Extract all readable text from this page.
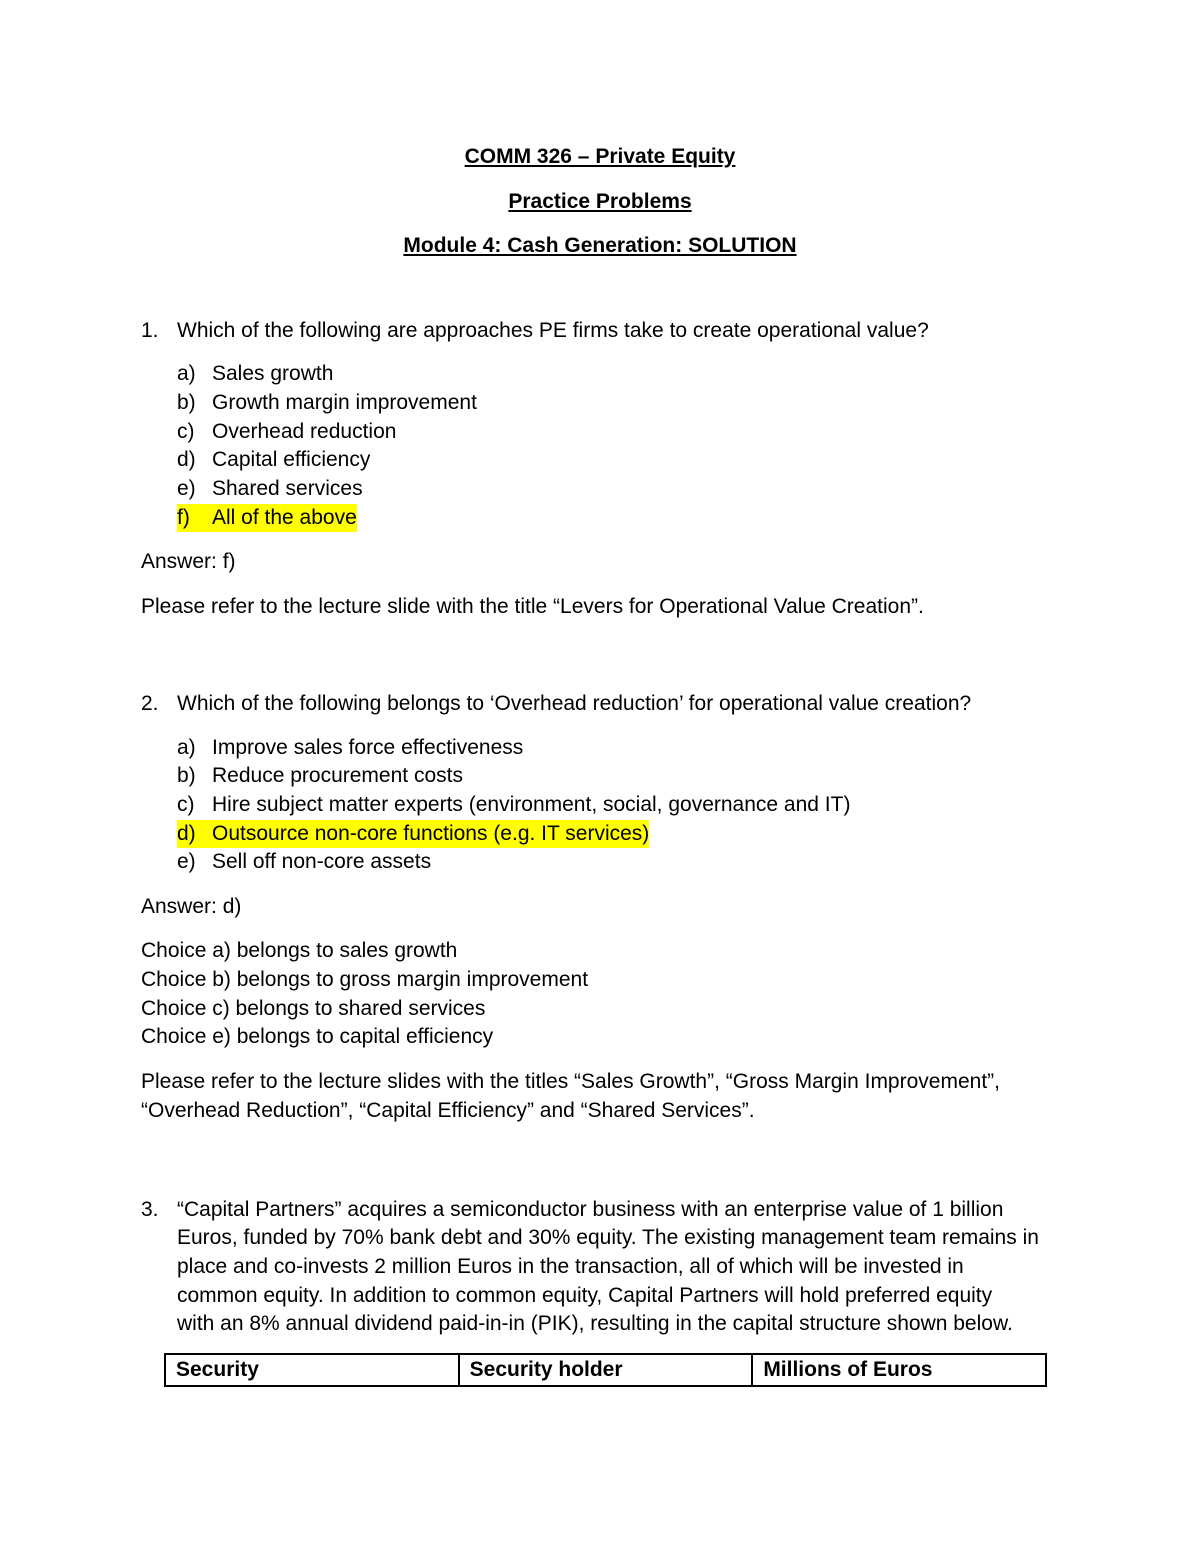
COMM 326 – Private Equity
Practice Problems
Module 4: Cash Generation: SOLUTION
1. Which of the following are approaches PE firms take to create operational value?
a) Sales growth
b) Growth margin improvement
c) Overhead reduction
d) Capital efficiency
e) Shared services
f)	All of the above
Answer: f)
Please refer to the lecture slide with the title “Levers for Operational Value Creation”.
2. Which of the following belongs to ‘Overhead reduction’ for operational value creation?
a) Improve sales force effectiveness
b) Reduce procurement costs
c) Hire subject matter experts (environment, social, governance and IT)
d) Outsource non-core functions (e.g. IT services)
e) Sell off non-core assets
Answer: d)
Choice a) belongs to sales growth
Choice b) belongs to gross margin improvement
Choice c) belongs to shared services
Choice e) belongs to capital efficiency
Please refer to the lecture slides with the titles “Sales Growth”, “Gross Margin Improvement”,
“Overhead Reduction”, “Capital Efficiency” and “Shared Services”.
3. “Capital Partners” acquires a semiconductor business with an enterprise value of 1 billion
Euros, funded by 70% bank debt and 30% equity. The existing management team remains in
place and co-invests 2 million Euros in the transaction, all of which will be invested in
common equity. In addition to common equity, Capital Partners will hold preferred equity
with an 8% annual dividend paid-in-in (PIK), resulting in the capital structure shown below.
Security	Security holder	Millions of Euros
